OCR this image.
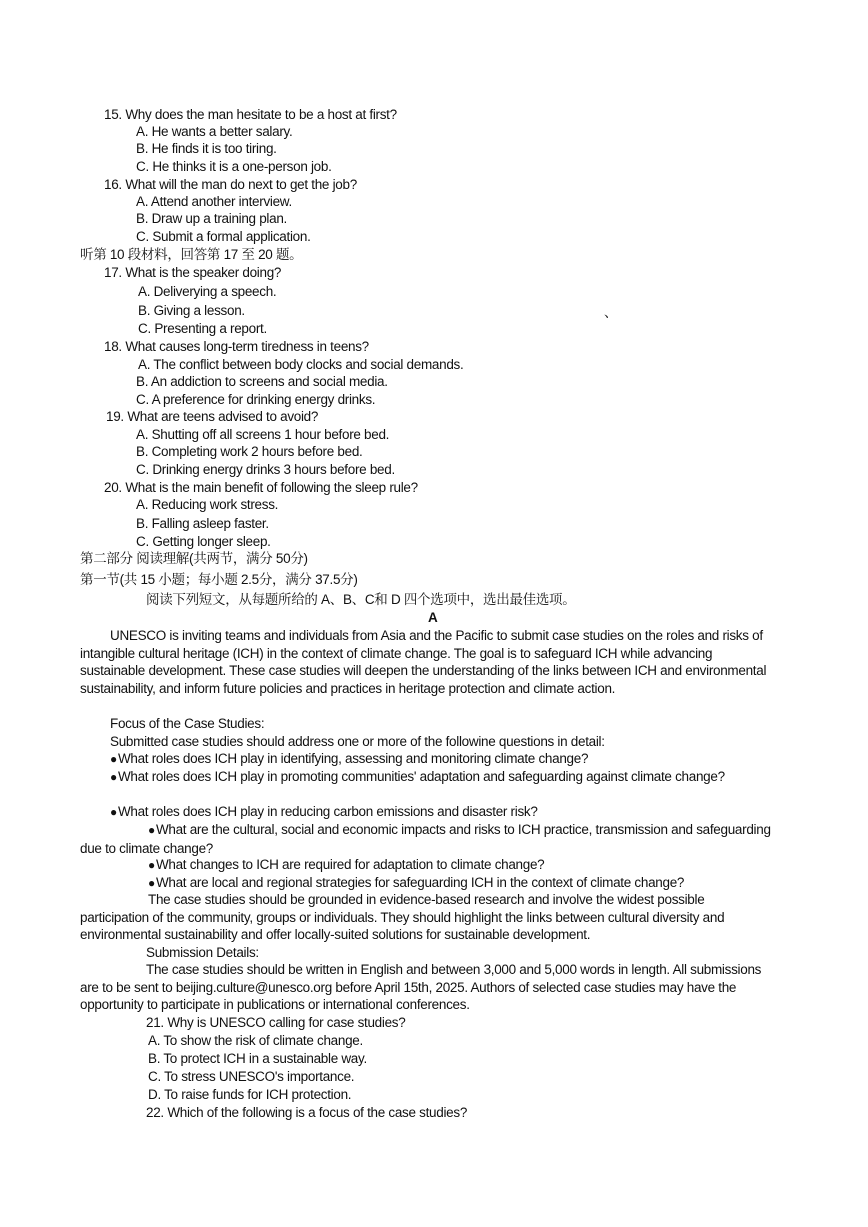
15. Why does the man hesitate to be a host at first?
A. He wants a better salary.
B. He finds it is too tiring.
C. He thinks it is a one-person job.
16. What will the man do next to get the job?
A. Attend another interview.
B. Draw up a training plan.
C. Submit a formal application.
听第 10 段材料，回答第 17 至 20 题。
17. What is the speaker doing?
A. Deliverying a speech.
B. Giving a lesson.	、
C. Presenting a report.
18. What causes long-term tiredness in teens?
A. The conflict between body clocks and social demands.
B. An addiction to screens and social media.
C. A preference for drinking energy drinks.
19. What are teens advised to avoid?
A. Shutting off all screens 1 hour before bed.
B. Completing work 2 hours before bed.
C. Drinking energy drinks 3 hours before bed.
20. What is the main benefit of following the sleep rule?
A. Reducing work stress.
B. Falling asleep faster.
C. Getting longer sleep.
第二部分 阅读理解(共两节，满分 50分)
第一节(共 15 小题；每小题 2.5分，满分 37.5分)
阅读下列短文，从每题所给的 A、B、C和 D 四个选项中，选出最佳选项。
A
UNESCO is inviting teams and individuals from Asia and the Pacific to submit case studies on the roles and risks of intangible cultural heritage (ICH) in the context of climate change. The goal is to safeguard ICH while advancing sustainable development. These case studies will deepen the understanding of the links between ICH and environmental sustainability, and inform future policies and practices in heritage protection and climate action.
Focus of the Case Studies:
Submitted case studies should address one or more of the followine questions in detail:
●What roles does ICH play in identifying, assessing and monitoring climate change?
●What roles does ICH play in promoting communities' adaptation and safeguarding against climate change?
●What roles does ICH play in reducing carbon emissions and disaster risk?
●What are the cultural, social and economic impacts and risks to ICH practice, transmission and safeguarding due to climate change?
●What changes to ICH are required for adaptation to climate change?
●What are local and regional strategies for safeguarding ICH in the context of climate change?
The case studies should be grounded in evidence-based research and involve the widest possible participation of the community, groups or individuals. They should highlight the links between cultural diversity and environmental sustainability and offer locally-suited solutions for sustainable development.
Submission Details:
The case studies should be written in English and between 3,000 and 5,000 words in length. All submissions are to be sent to beijing.culture@unesco.org before April 15th, 2025. Authors of selected case studies may have the opportunity to participate in publications or international conferences.
21. Why is UNESCO calling for case studies?
A. To show the risk of climate change.
B. To protect ICH in a sustainable way.
C. To stress UNESCO's importance.
D. To raise funds for ICH protection.
22. Which of the following is a focus of the case studies?
